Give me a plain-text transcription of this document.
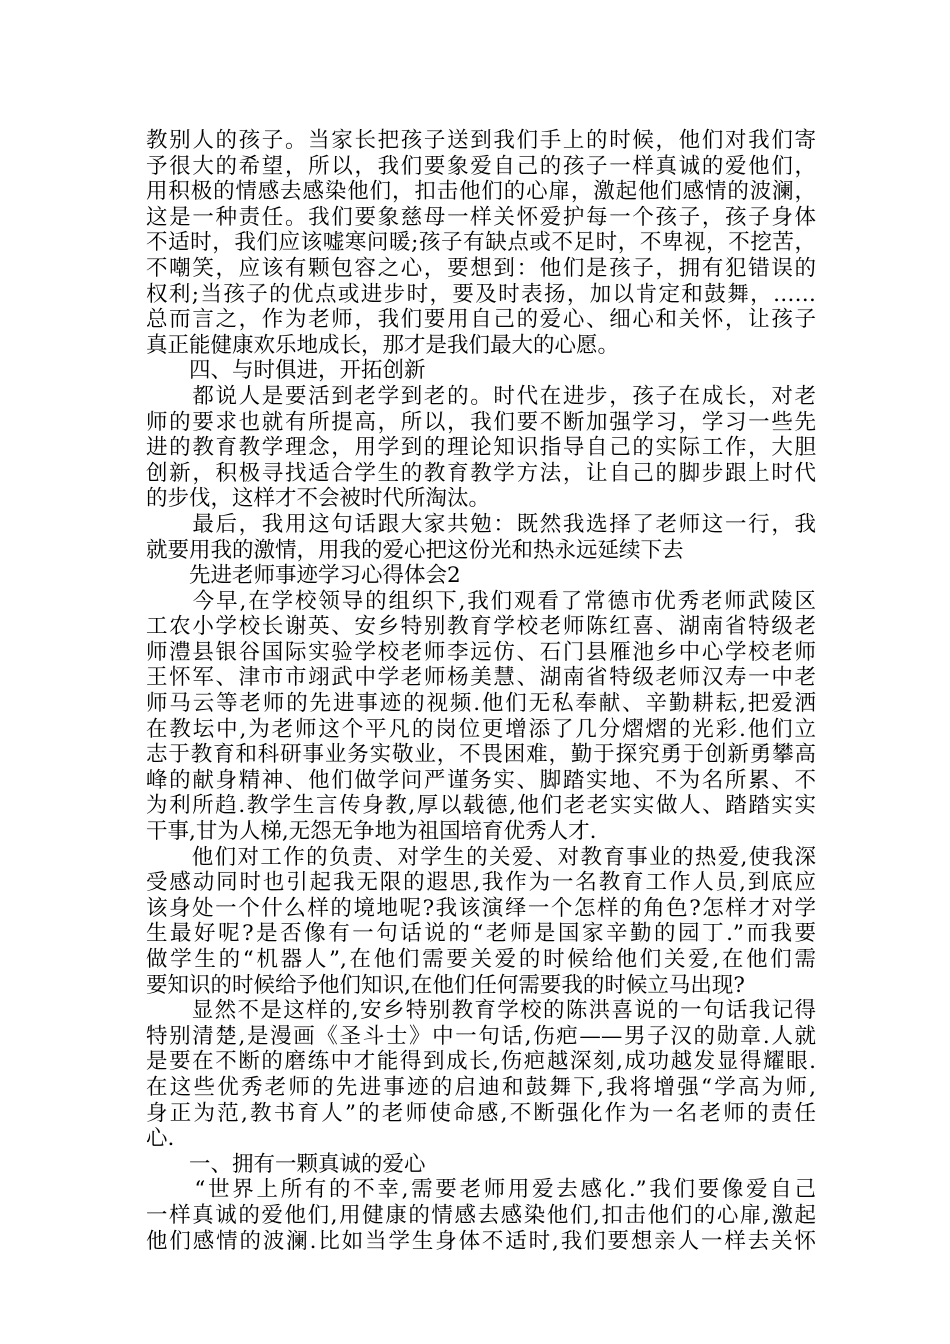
教别人的孩子。当家长把孩子送到我们手上的时候，他们对我们寄
予很大的希望，所以，我们要象爱自己的孩子一样真诚的爱他们，
用积极的情感去感染他们，扣击他们的心扉，激起他们感情的波澜，
这是一种责任。我们要象慈母一样关怀爱护每一个孩子，孩子身体
不适时，我们应该嘘寒问暖;孩子有缺点或不足时，不卑视，不挖苦，
不嘲笑，应该有颗包容之心，要想到：他们是孩子，拥有犯错误的
权利;当孩子的优点或进步时，要及时表扬，加以肯定和鼓舞，……
总而言之，作为老师，我们要用自己的爱心、细心和关怀，让孩子
真正能健康欢乐地成长，那才是我们最大的心愿。
　　四、与时俱进，开拓创新
　　都说人是要活到老学到老的。时代在进步，孩子在成长，对老
师的要求也就有所提高，所以，我们要不断加强学习，学习一些先
进的教育教学理念，用学到的理论知识指导自己的实际工作，大胆
创新，积极寻找适合学生的教育教学方法，让自己的脚步跟上时代
的步伐，这样才不会被时代所淘汰。
　　最后，我用这句话跟大家共勉：既然我选择了老师这一行，我
就要用我的激情，用我的爱心把这份光和热永远延续下去
　　先进老师事迹学习心得体会2
　　今早,在学校领导的组织下,我们观看了常德市优秀老师武陵区
工农小学校长谢英、安乡特别教育学校老师陈红喜、湖南省特级老
师澧县银谷国际实验学校老师李远仿、石门县雁池乡中心学校老师
王怀军、津市市翊武中学老师杨美慧、湖南省特级老师汉寿一中老
师马云等老师的先进事迹的视频.他们无私奉献、辛勤耕耘,把爱洒
在教坛中,为老师这个平凡的岗位更增添了几分熠熠的光彩.他们立
志于教育和科研事业务实敬业，不畏困难，勤于探究勇于创新勇攀高
峰的献身精神、他们做学问严谨务实、脚踏实地、不为名所累、不
为利所趋.教学生言传身教,厚以载德,他们老老实实做人、踏踏实实
干事,甘为人梯,无怨无争地为祖国培育优秀人才.
　　他们对工作的负责、对学生的关爱、对教育事业的热爱,使我深
受感动同时也引起我无限的遐思,我作为一名教育工作人员,到底应
该身处一个什么样的境地呢?我该演绎一个怎样的角色?怎样才对学
生最好呢?是否像有一句话说的“老师是国家辛勤的园丁.”而我要
做学生的“机器人”,在他们需要关爱的时候给他们关爱,在他们需
要知识的时候给予他们知识,在他们任何需要我的时候立马出现?
　　显然不是这样的,安乡特别教育学校的陈洪喜说的一句话我记得
特别清楚,是漫画《圣斗士》中一句话,伤疤——男子汉的勋章.人就
是要在不断的磨练中才能得到成长,伤疤越深刻,成功越发显得耀眼.
在这些优秀老师的先进事迹的启迪和鼓舞下,我将增强“学高为师,
身正为范,教书育人”的老师使命感,不断强化作为一名老师的责任
心.
　　一、拥有一颗真诚的爱心
　　“世界上所有的不幸,需要老师用爱去感化.”我们要像爱自己
一样真诚的爱他们,用健康的情感去感染他们,扣击他们的心扉,激起
他们感情的波澜.比如当学生身体不适时,我们要想亲人一样去关怀
